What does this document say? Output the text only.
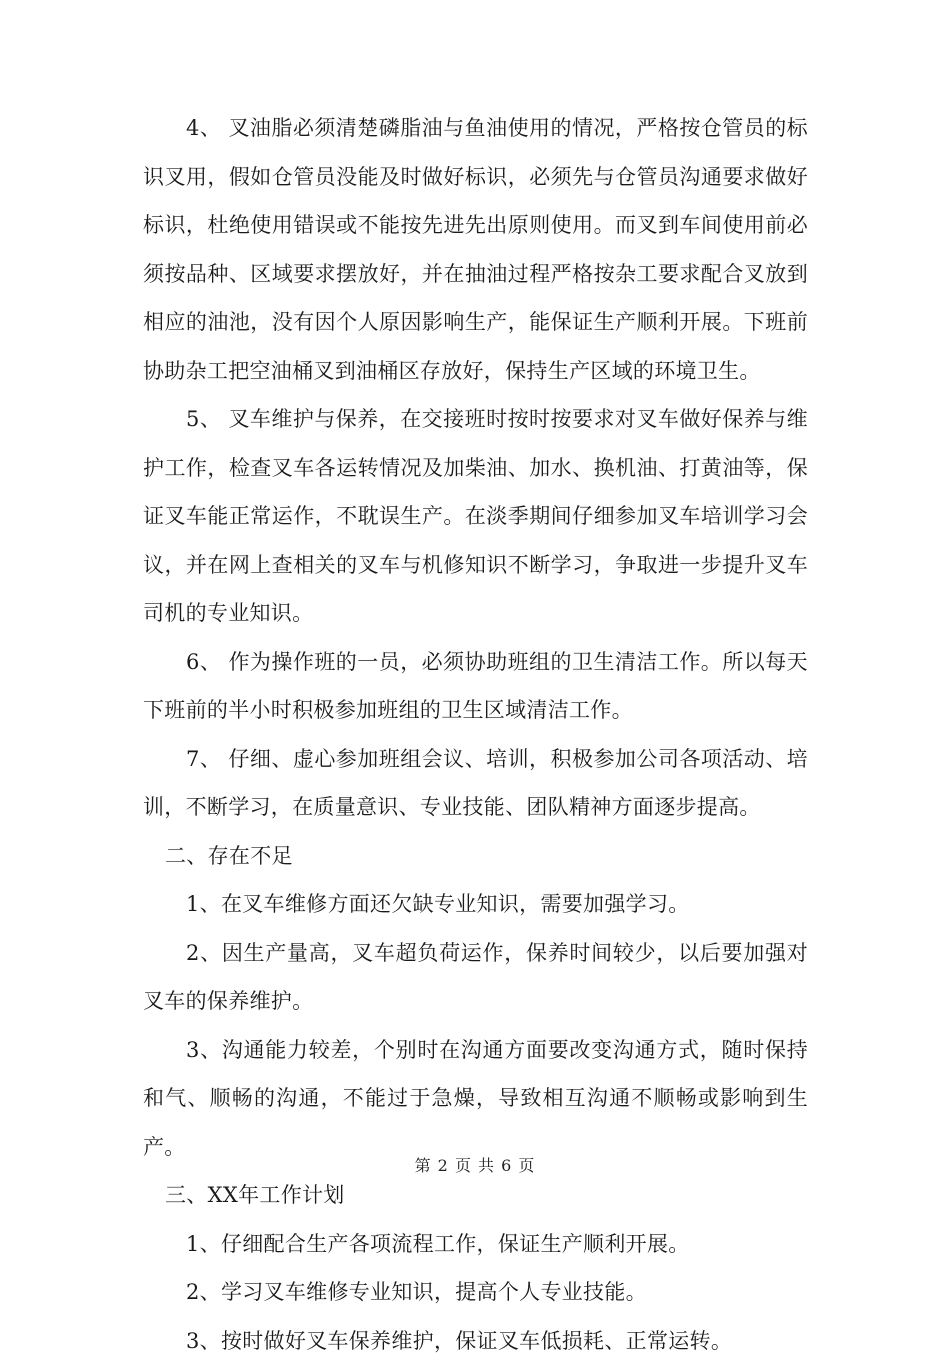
4、 叉油脂必须清楚磷脂油与鱼油使用的情况，严格按仓管员的标识叉用，假如仓管员没能及时做好标识，必须先与仓管员沟通要求做好标识，杜绝使用错误或不能按先进先出原则使用。而叉到车间使用前必须按品种、区域要求摆放好，并在抽油过程严格按杂工要求配合叉放到相应的油池，没有因个人原因影响生产，能保证生产顺利开展。下班前协助杂工把空油桶叉到油桶区存放好，保持生产区域的环境卫生。

5、 叉车维护与保养，在交接班时按时按要求对叉车做好保养与维护工作，检查叉车各运转情况及加柴油、加水、换机油、打黄油等，保证叉车能正常运作，不耽误生产。在淡季期间仔细参加叉车培训学习会议，并在网上查相关的叉车与机修知识不断学习，争取进一步提升叉车司机的专业知识。

6、 作为操作班的一员，必须协助班组的卫生清洁工作。所以每天下班前的半小时积极参加班组的卫生区域清洁工作。

7、 仔细、虚心参加班组会议、培训，积极参加公司各项活动、培训，不断学习，在质量意识、专业技能、团队精神方面逐步提高。

二、存在不足

1、在叉车维修方面还欠缺专业知识，需要加强学习。

2、因生产量高，叉车超负荷运作，保养时间较少，以后要加强对叉车的保养维护。

3、沟通能力较差，个别时在沟通方面要改变沟通方式，随时保持和气、顺畅的沟通，不能过于急燥，导致相互沟通不顺畅或影响到生产。

三、XX年工作计划

1、仔细配合生产各项流程工作，保证生产顺利开展。

2、学习叉车维修专业知识，提高个人专业技能。

3、按时做好叉车保养维护，保证叉车低损耗、正常运转。

第 2 页 共 6 页
